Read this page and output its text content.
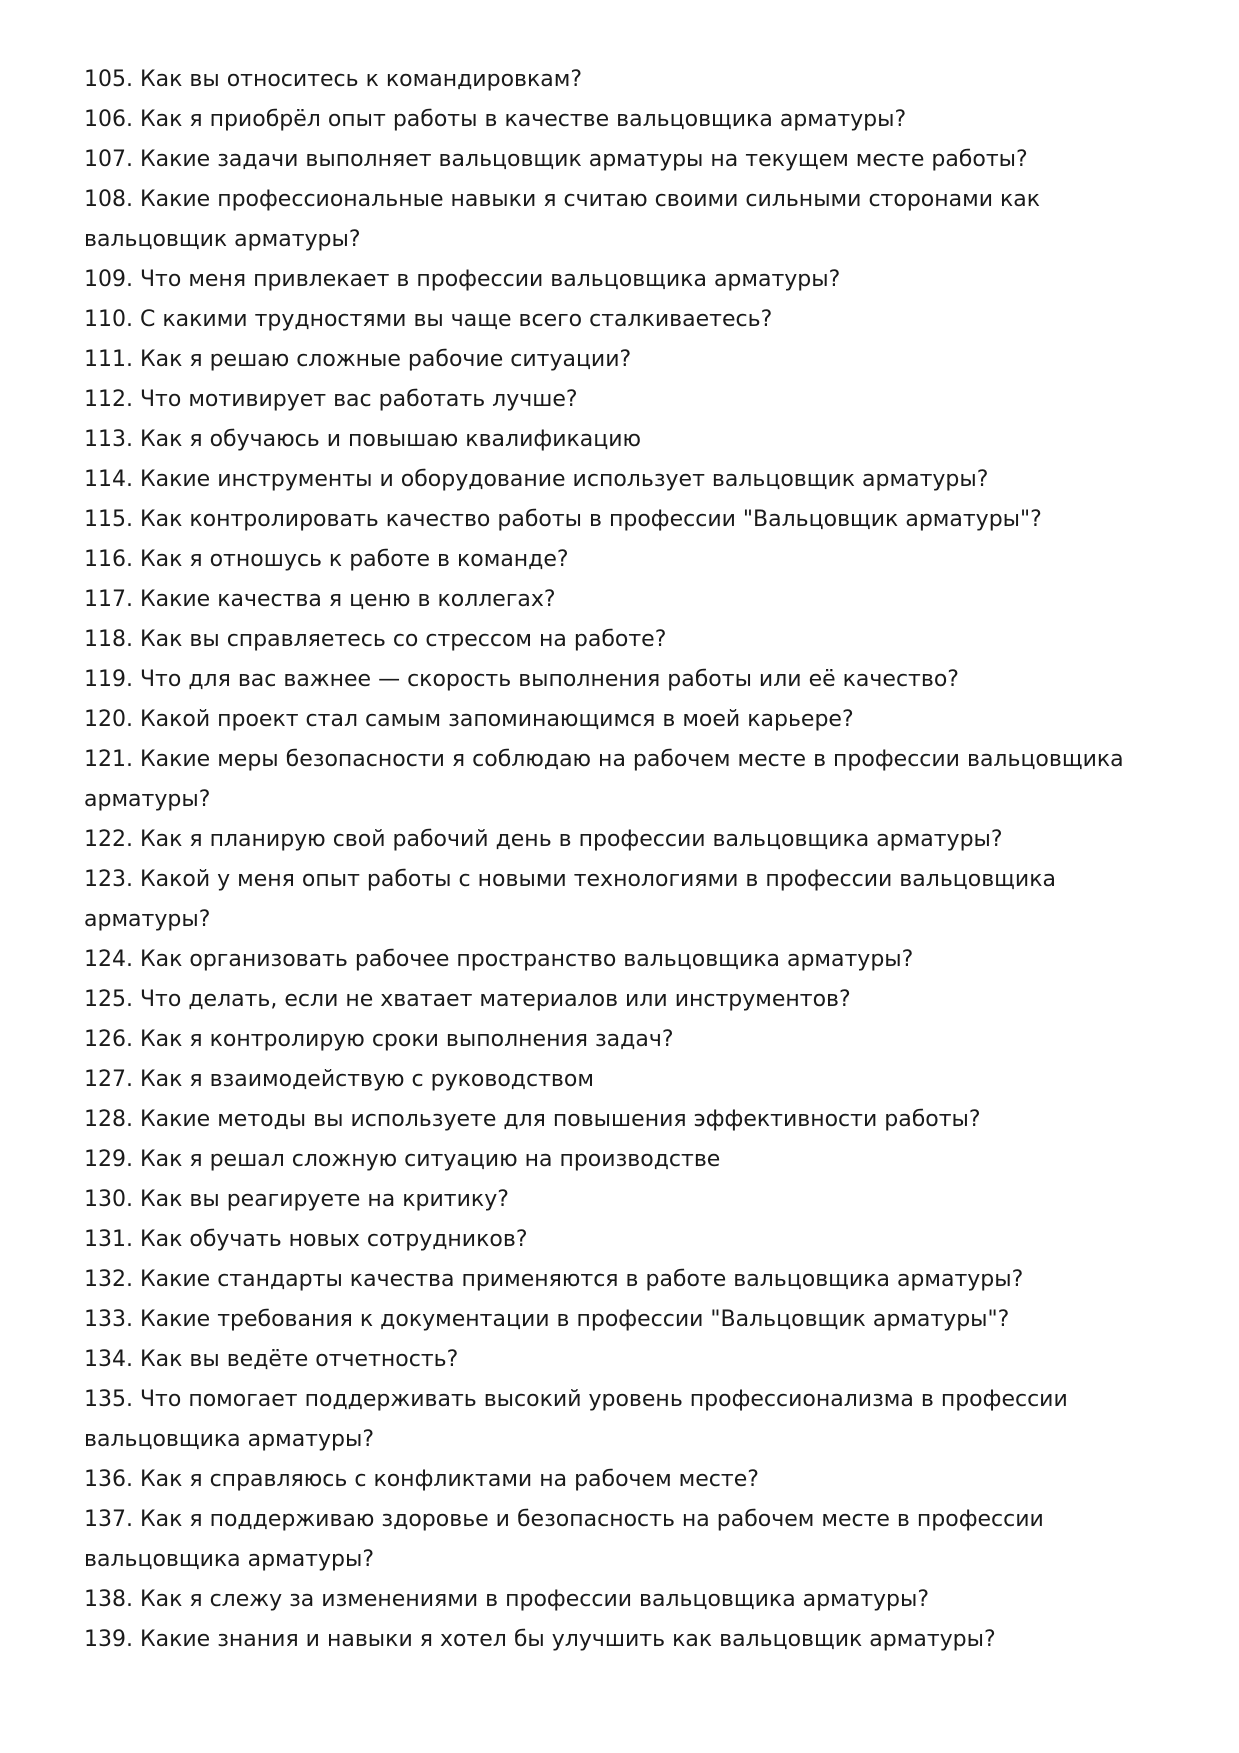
105. Как вы относитесь к командировкам?
106. Как я приобрёл опыт работы в качестве вальцовщика арматуры?
107. Какие задачи выполняет вальцовщик арматуры на текущем месте работы?
108. Какие профессиональные навыки я считаю своими сильными сторонами как вальцовщик арматуры?
109. Что меня привлекает в профессии вальцовщика арматуры?
110. С какими трудностями вы чаще всего сталкиваетесь?
111. Как я решаю сложные рабочие ситуации?
112. Что мотивирует вас работать лучше?
113. Как я обучаюсь и повышаю квалификацию
114. Какие инструменты и оборудование использует вальцовщик арматуры?
115. Как контролировать качество работы в профессии "Вальцовщик арматуры"?
116. Как я отношусь к работе в команде?
117. Какие качества я ценю в коллегах?
118. Как вы справляетесь со стрессом на работе?
119. Что для вас важнее — скорость выполнения работы или её качество?
120. Какой проект стал самым запоминающимся в моей карьере?
121. Какие меры безопасности я соблюдаю на рабочем месте в профессии вальцовщика арматуры?
122. Как я планирую свой рабочий день в профессии вальцовщика арматуры?
123. Какой у меня опыт работы с новыми технологиями в профессии вальцовщика арматуры?
124. Как организовать рабочее пространство вальцовщика арматуры?
125. Что делать, если не хватает материалов или инструментов?
126. Как я контролирую сроки выполнения задач?
127. Как я взаимодействую с руководством
128. Какие методы вы используете для повышения эффективности работы?
129. Как я решал сложную ситуацию на производстве
130. Как вы реагируете на критику?
131. Как обучать новых сотрудников?
132. Какие стандарты качества применяются в работе вальцовщика арматуры?
133. Какие требования к документации в профессии "Вальцовщик арматуры"?
134. Как вы ведёте отчетность?
135. Что помогает поддерживать высокий уровень профессионализма в профессии вальцовщика арматуры?
136. Как я справляюсь с конфликтами на рабочем месте?
137. Как я поддерживаю здоровье и безопасность на рабочем месте в профессии вальцовщика арматуры?
138. Как я слежу за изменениями в профессии вальцовщика арматуры?
139. Какие знания и навыки я хотел бы улучшить как вальцовщик арматуры?
